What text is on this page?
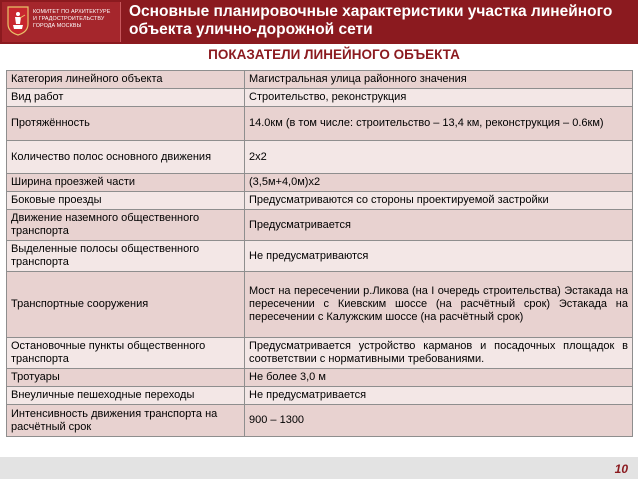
КОМИТЕТ ПО АРХИТЕКТУРЕ
И ГРАДОСТРОИТЕЛЬСТВУ
ГОРОДА МОСКВЫ
Основные планировочные характеристики участка линейного
объекта улично-дорожной сети
ПОКАЗАТЕЛИ ЛИНЕЙНОГО ОБЪЕКТА
Категория линейного объекта	Магистральная улица районного значения
Вид работ	Строительство, реконструкция
Протяжённость	14.0км (в том числе: строительство – 13,4 км, реконструкция – 0.6км)
Количество полос основного движения	2x2
Ширина проезжей части	(3,5м+4,0м)x2
Боковые проезды	Предусматриваются со стороны проектируемой застройки
Движение наземного общественного транспорта	Предусматривается
Выделенные полосы общественного транспорта	Не предусматриваются
Транспортные сооружения	Мост на пересечении р.Ликова (на I очередь строительства) Эстакада на пересечении с Киевским шоссе (на расчётный срок) Эстакада на пересечении с Калужским шоссе (на расчётный срок)
Остановочные пункты общественного транспорта	Предусматривается устройство карманов и посадочных площадок в соответствии с нормативными требованиями.
Тротуары	Не более 3,0 м
Внеуличные пешеходные переходы	Не предусматривается
Интенсивность движения транспорта на расчётный срок	900 – 1300
10
